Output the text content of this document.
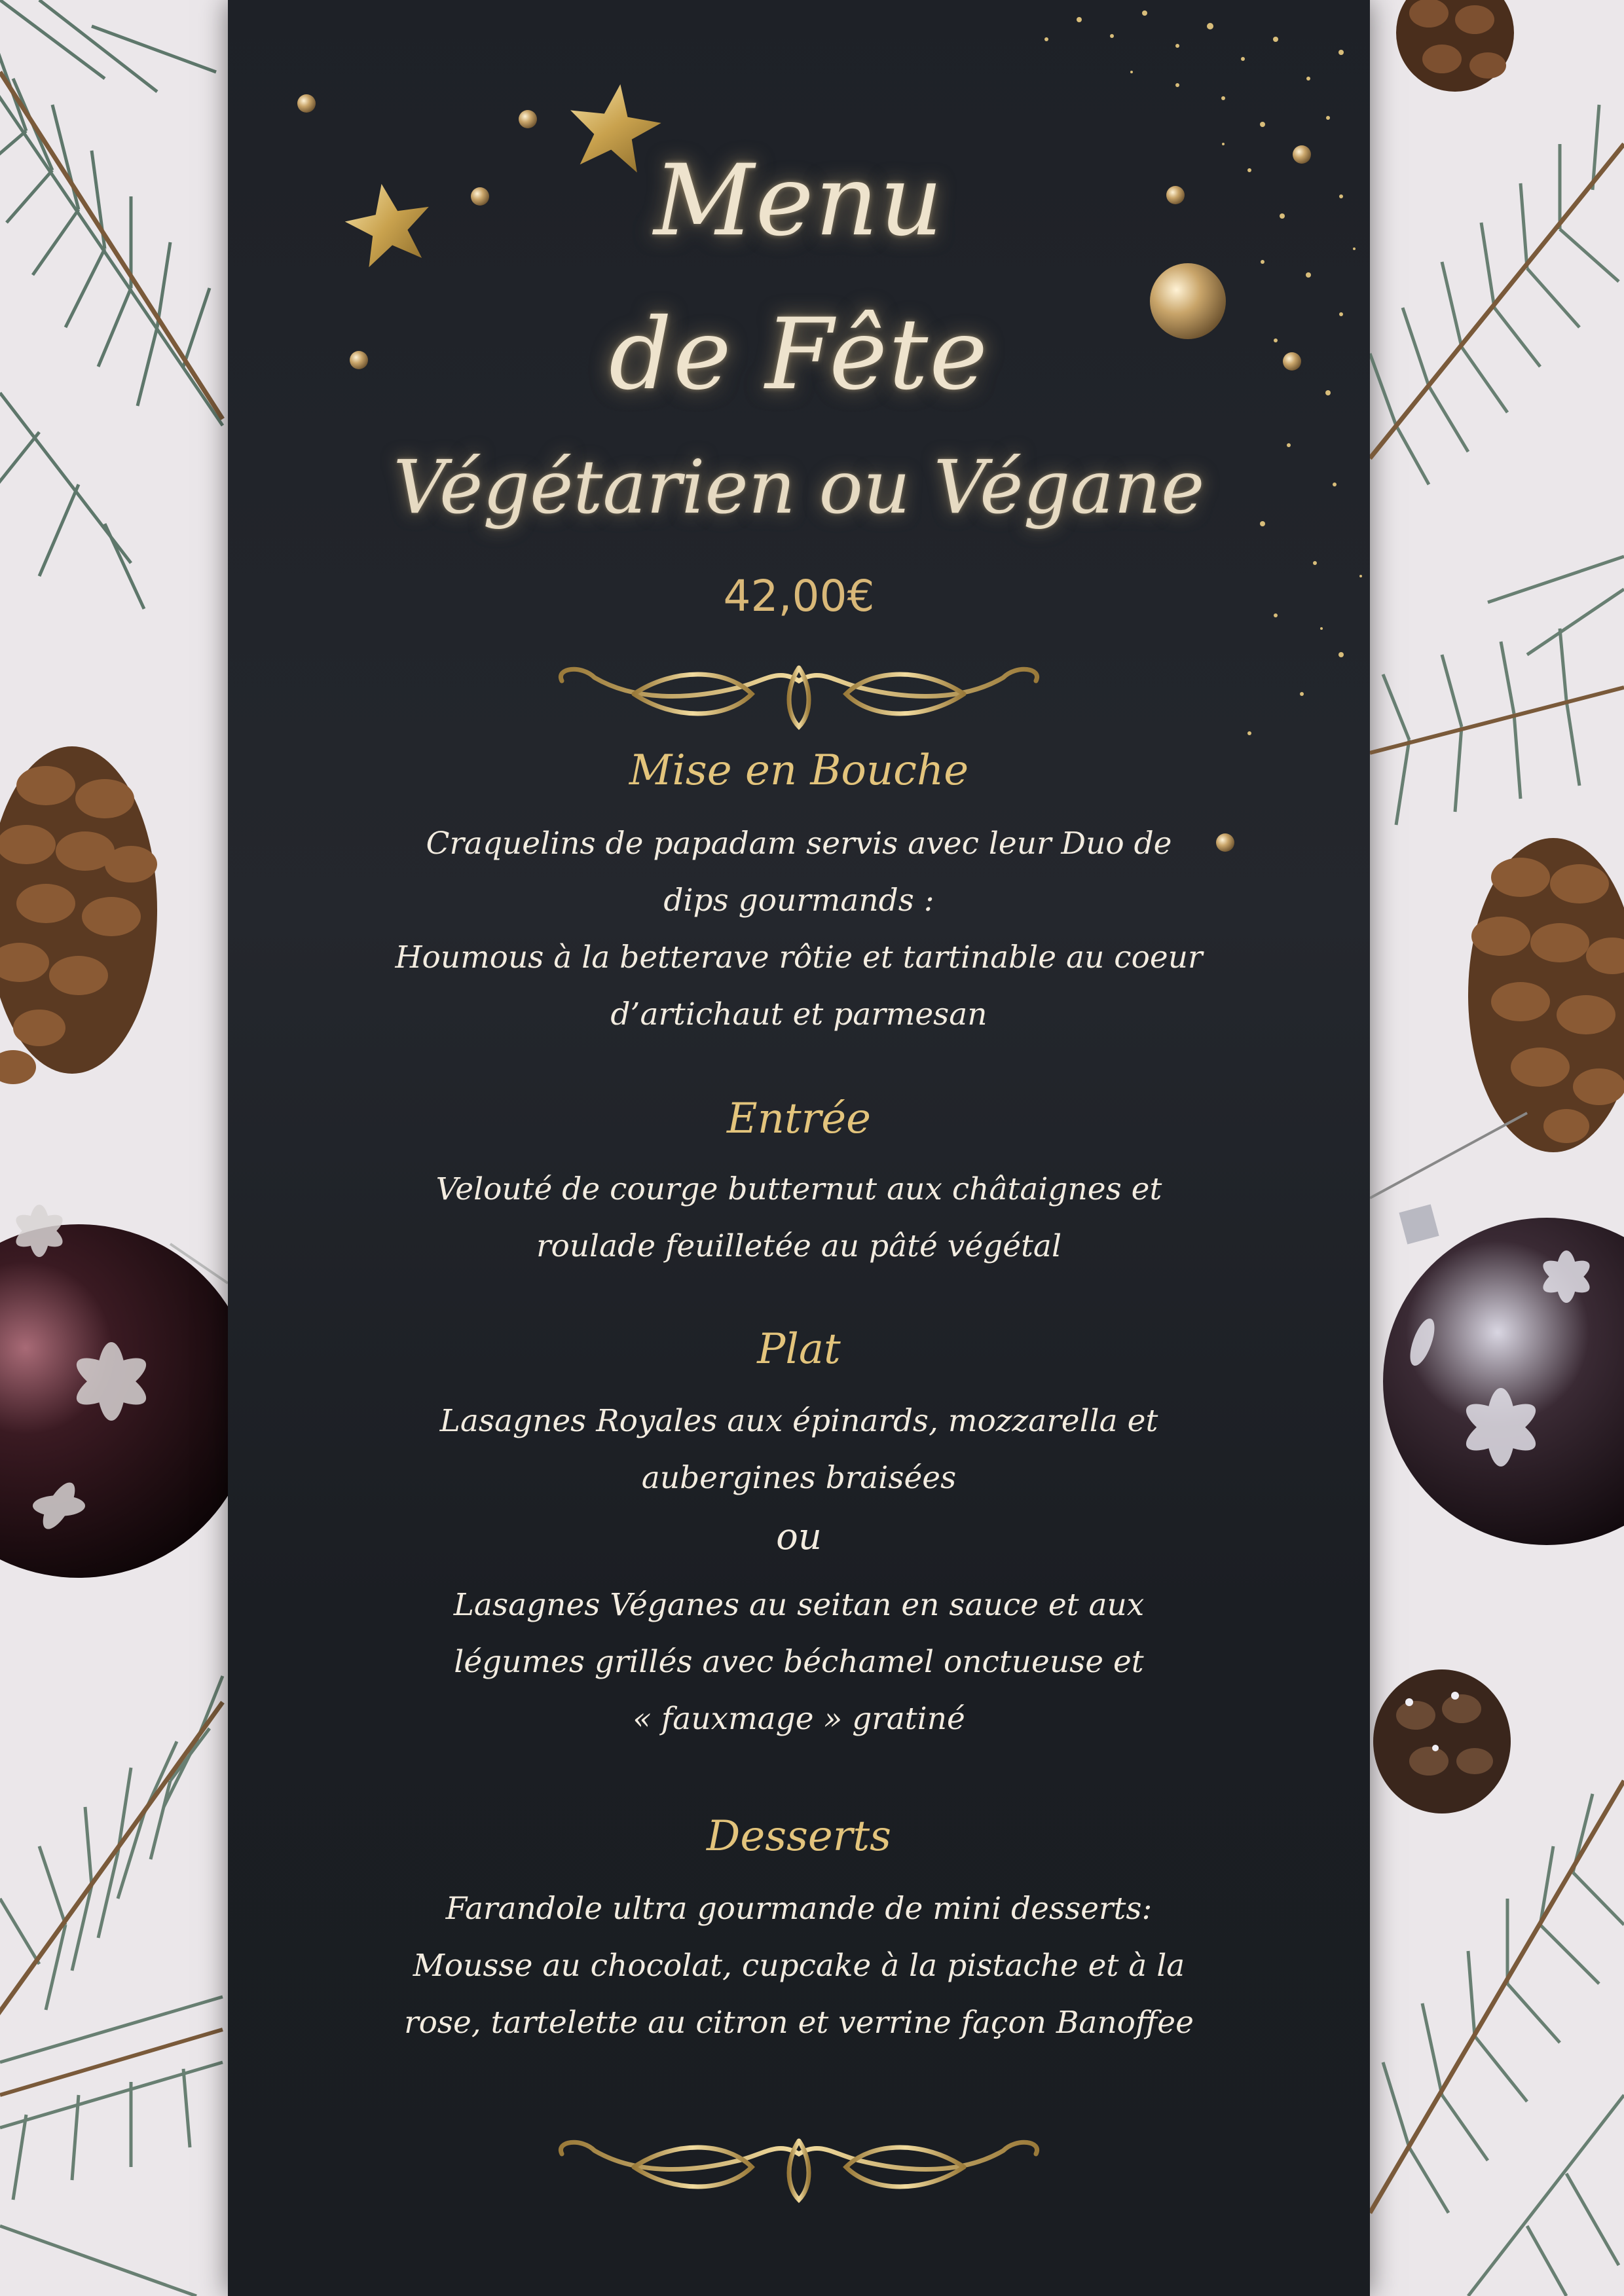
Menu
de Fête
Végétarien ou Végane
42,00€
Mise en Bouche
Craquelins de papadam servis avec leur Duo de
dips gourmands :
Houmous à la betterave rôtie et tartinable au coeur
d’artichaut et parmesan
Entrée
Velouté de courge butternut aux châtaignes et
roulade feuilletée au pâté végétal
Plat
Lasagnes Royales aux épinards, mozzarella et
aubergines braisées
ou
Lasagnes Véganes au seitan en sauce et aux
légumes grillés avec béchamel onctueuse et
« fauxmage » gratiné
Desserts
Farandole ultra gourmande de mini desserts:
Mousse au chocolat, cupcake à la pistache et à la
rose, tartelette au citron et verrine façon Banoffee
